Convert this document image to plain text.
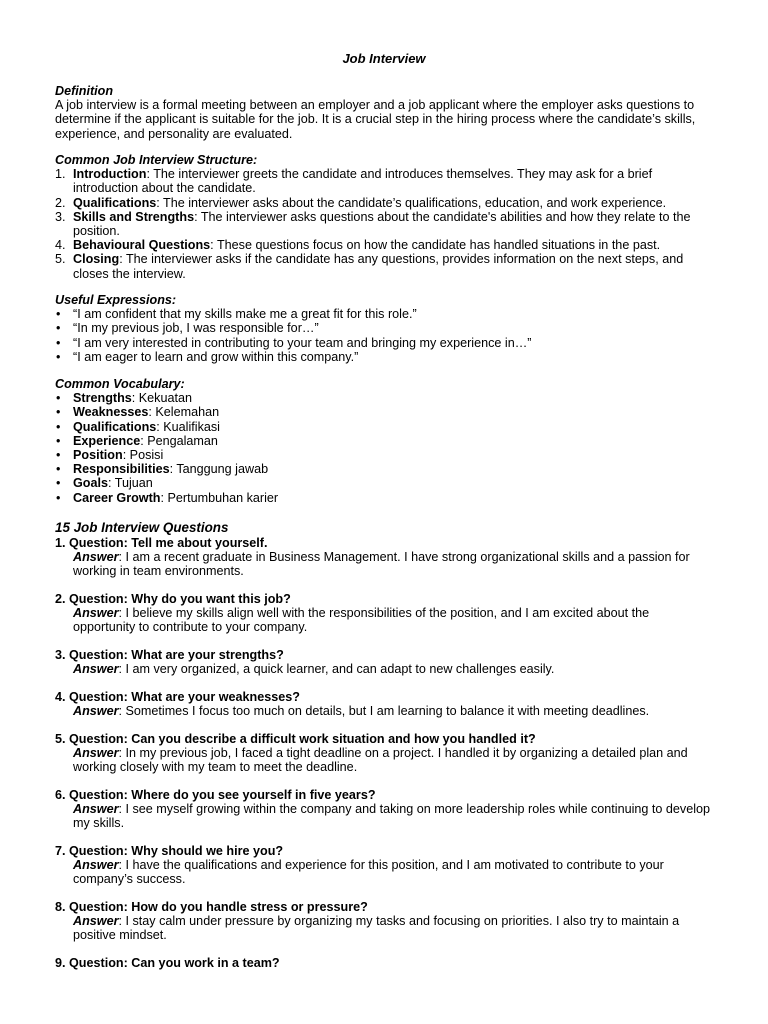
Job Interview
Definition
A job interview is a formal meeting between an employer and a job applicant where the employer asks questions to determine if the applicant is suitable for the job. It is a crucial step in the hiring process where the candidate’s skills, experience, and personality are evaluated.
Common Job Interview Structure:
1. Introduction: The interviewer greets the candidate and introduces themselves. They may ask for a brief introduction about the candidate.
2. Qualifications: The interviewer asks about the candidate’s qualifications, education, and work experience.
3. Skills and Strengths: The interviewer asks questions about the candidate's abilities and how they relate to the position.
4. Behavioural Questions: These questions focus on how the candidate has handled situations in the past.
5. Closing: The interviewer asks if the candidate has any questions, provides information on the next steps, and closes the interview.
Useful Expressions:
• “I am confident that my skills make me a great fit for this role.”
• “In my previous job, I was responsible for…”
• “I am very interested in contributing to your team and bringing my experience in…”
• “I am eager to learn and grow within this company.”
Common Vocabulary:
• Strengths: Kekuatan
• Weaknesses: Kelemahan
• Qualifications: Kualifikasi
• Experience: Pengalaman
• Position: Posisi
• Responsibilities: Tanggung jawab
• Goals: Tujuan
• Career Growth: Pertumbuhan karier
15 Job Interview Questions
1. Question: Tell me about yourself.
Answer: I am a recent graduate in Business Management. I have strong organizational skills and a passion for working in team environments.
2. Question: Why do you want this job?
Answer: I believe my skills align well with the responsibilities of the position, and I am excited about the opportunity to contribute to your company.
3. Question: What are your strengths?
Answer: I am very organized, a quick learner, and can adapt to new challenges easily.
4. Question: What are your weaknesses?
Answer: Sometimes I focus too much on details, but I am learning to balance it with meeting deadlines.
5. Question: Can you describe a difficult work situation and how you handled it?
Answer: In my previous job, I faced a tight deadline on a project. I handled it by organizing a detailed plan and working closely with my team to meet the deadline.
6. Question: Where do you see yourself in five years?
Answer: I see myself growing within the company and taking on more leadership roles while continuing to develop my skills.
7. Question: Why should we hire you?
Answer: I have the qualifications and experience for this position, and I am motivated to contribute to your company’s success.
8. Question: How do you handle stress or pressure?
Answer: I stay calm under pressure by organizing my tasks and focusing on priorities. I also try to maintain a positive mindset.
9. Question: Can you work in a team?
